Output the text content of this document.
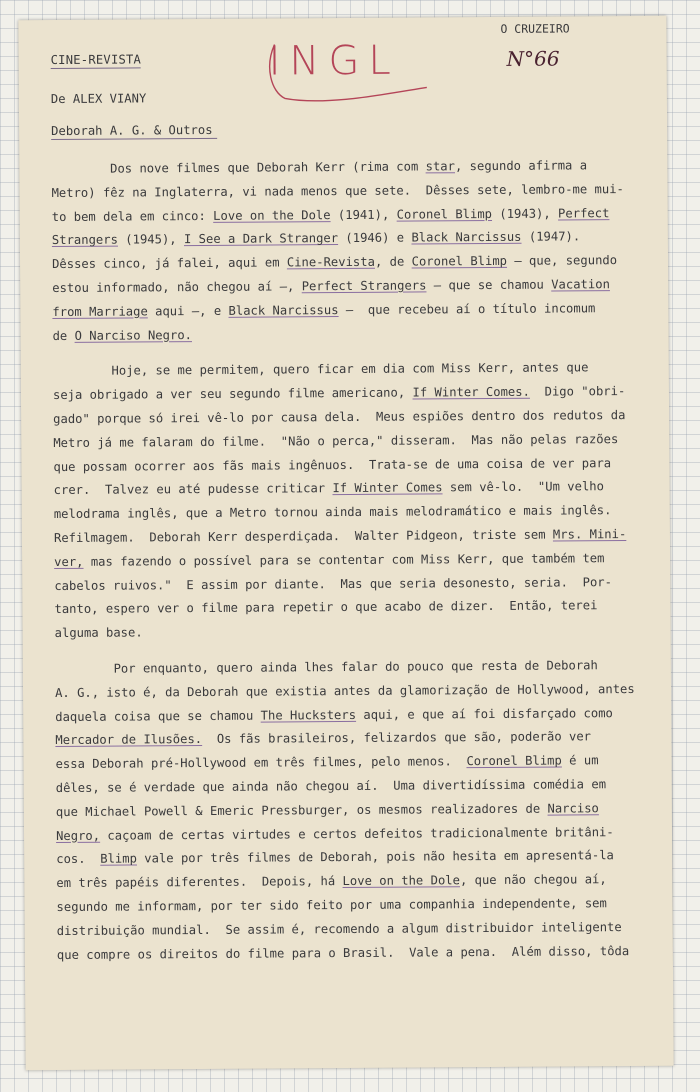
CINE-REVISTA
De ALEX VIANY
Deborah A. G. & Outros
O CRUZEIRO
N°66
INGL
Dos nove filmes que Deborah Kerr (rima com star, segundo afirma a
Metro) fêz na Inglaterra, vi nada menos que sete.  Dêsses sete, lembro-me mui-
to bem dela em cinco: Love on the Dole (1941), Coronel Blimp (1943), Perfect
Strangers (1945), I See a Dark Stranger (1946) e Black Narcissus (1947).
Dêsses cinco, já falei, aqui em Cine-Revista, de Coronel Blimp — que, segundo
estou informado, não chegou aí —, Perfect Strangers — que se chamou Vacation
from Marriage aqui —, e Black Narcissus —  que recebeu aí o título incomum
de O Narciso Negro.
Hoje, se me permitem, quero ficar em dia com Miss Kerr, antes que
seja obrigado a ver seu segundo filme americano, If Winter Comes.  Digo "obri-
gado" porque só irei vê-lo por causa dela.  Meus espiões dentro dos redutos da
Metro já me falaram do filme.  "Não o perca," disseram.  Mas não pelas razões
que possam ocorrer aos fãs mais ingênuos.  Trata-se de uma coisa de ver para
crer.  Talvez eu até pudesse criticar If Winter Comes sem vê-lo.  "Um velho
melodrama inglês, que a Metro tornou ainda mais melodramático e mais inglês.
Refilmagem.  Deborah Kerr desperdiçada.  Walter Pidgeon, triste sem Mrs. Mini-
ver, mas fazendo o possível para se contentar com Miss Kerr, que também tem
cabelos ruivos."  E assim por diante.  Mas que seria desonesto, seria.  Por-
tanto, espero ver o filme para repetir o que acabo de dizer.  Então, terei
alguma base.
Por enquanto, quero ainda lhes falar do pouco que resta de Deborah
A. G., isto é, da Deborah que existia antes da glamorização de Hollywood, antes
daquela coisa que se chamou The Hucksters aqui, e que aí foi disfarçado como
Mercador de Ilusões.  Os fãs brasileiros, felizardos que são, poderão ver
essa Deborah pré-Hollywood em três filmes, pelo menos.  Coronel Blimp é um
dêles, se é verdade que ainda não chegou aí.  Uma divertidíssima comédia em
que Michael Powell & Emeric Pressburger, os mesmos realizadores de Narciso
Negro, caçoam de certas virtudes e certos defeitos tradicionalmente britâni-
cos.  Blimp vale por três filmes de Deborah, pois não hesita em apresentá-la
em três papéis diferentes.  Depois, há Love on the Dole, que não chegou aí,
segundo me informam, por ter sido feito por uma companhia independente, sem
distribuição mundial.  Se assim é, recomendo a algum distribuidor inteligente
que compre os direitos do filme para o Brasil.  Vale a pena.  Além disso, tôda
